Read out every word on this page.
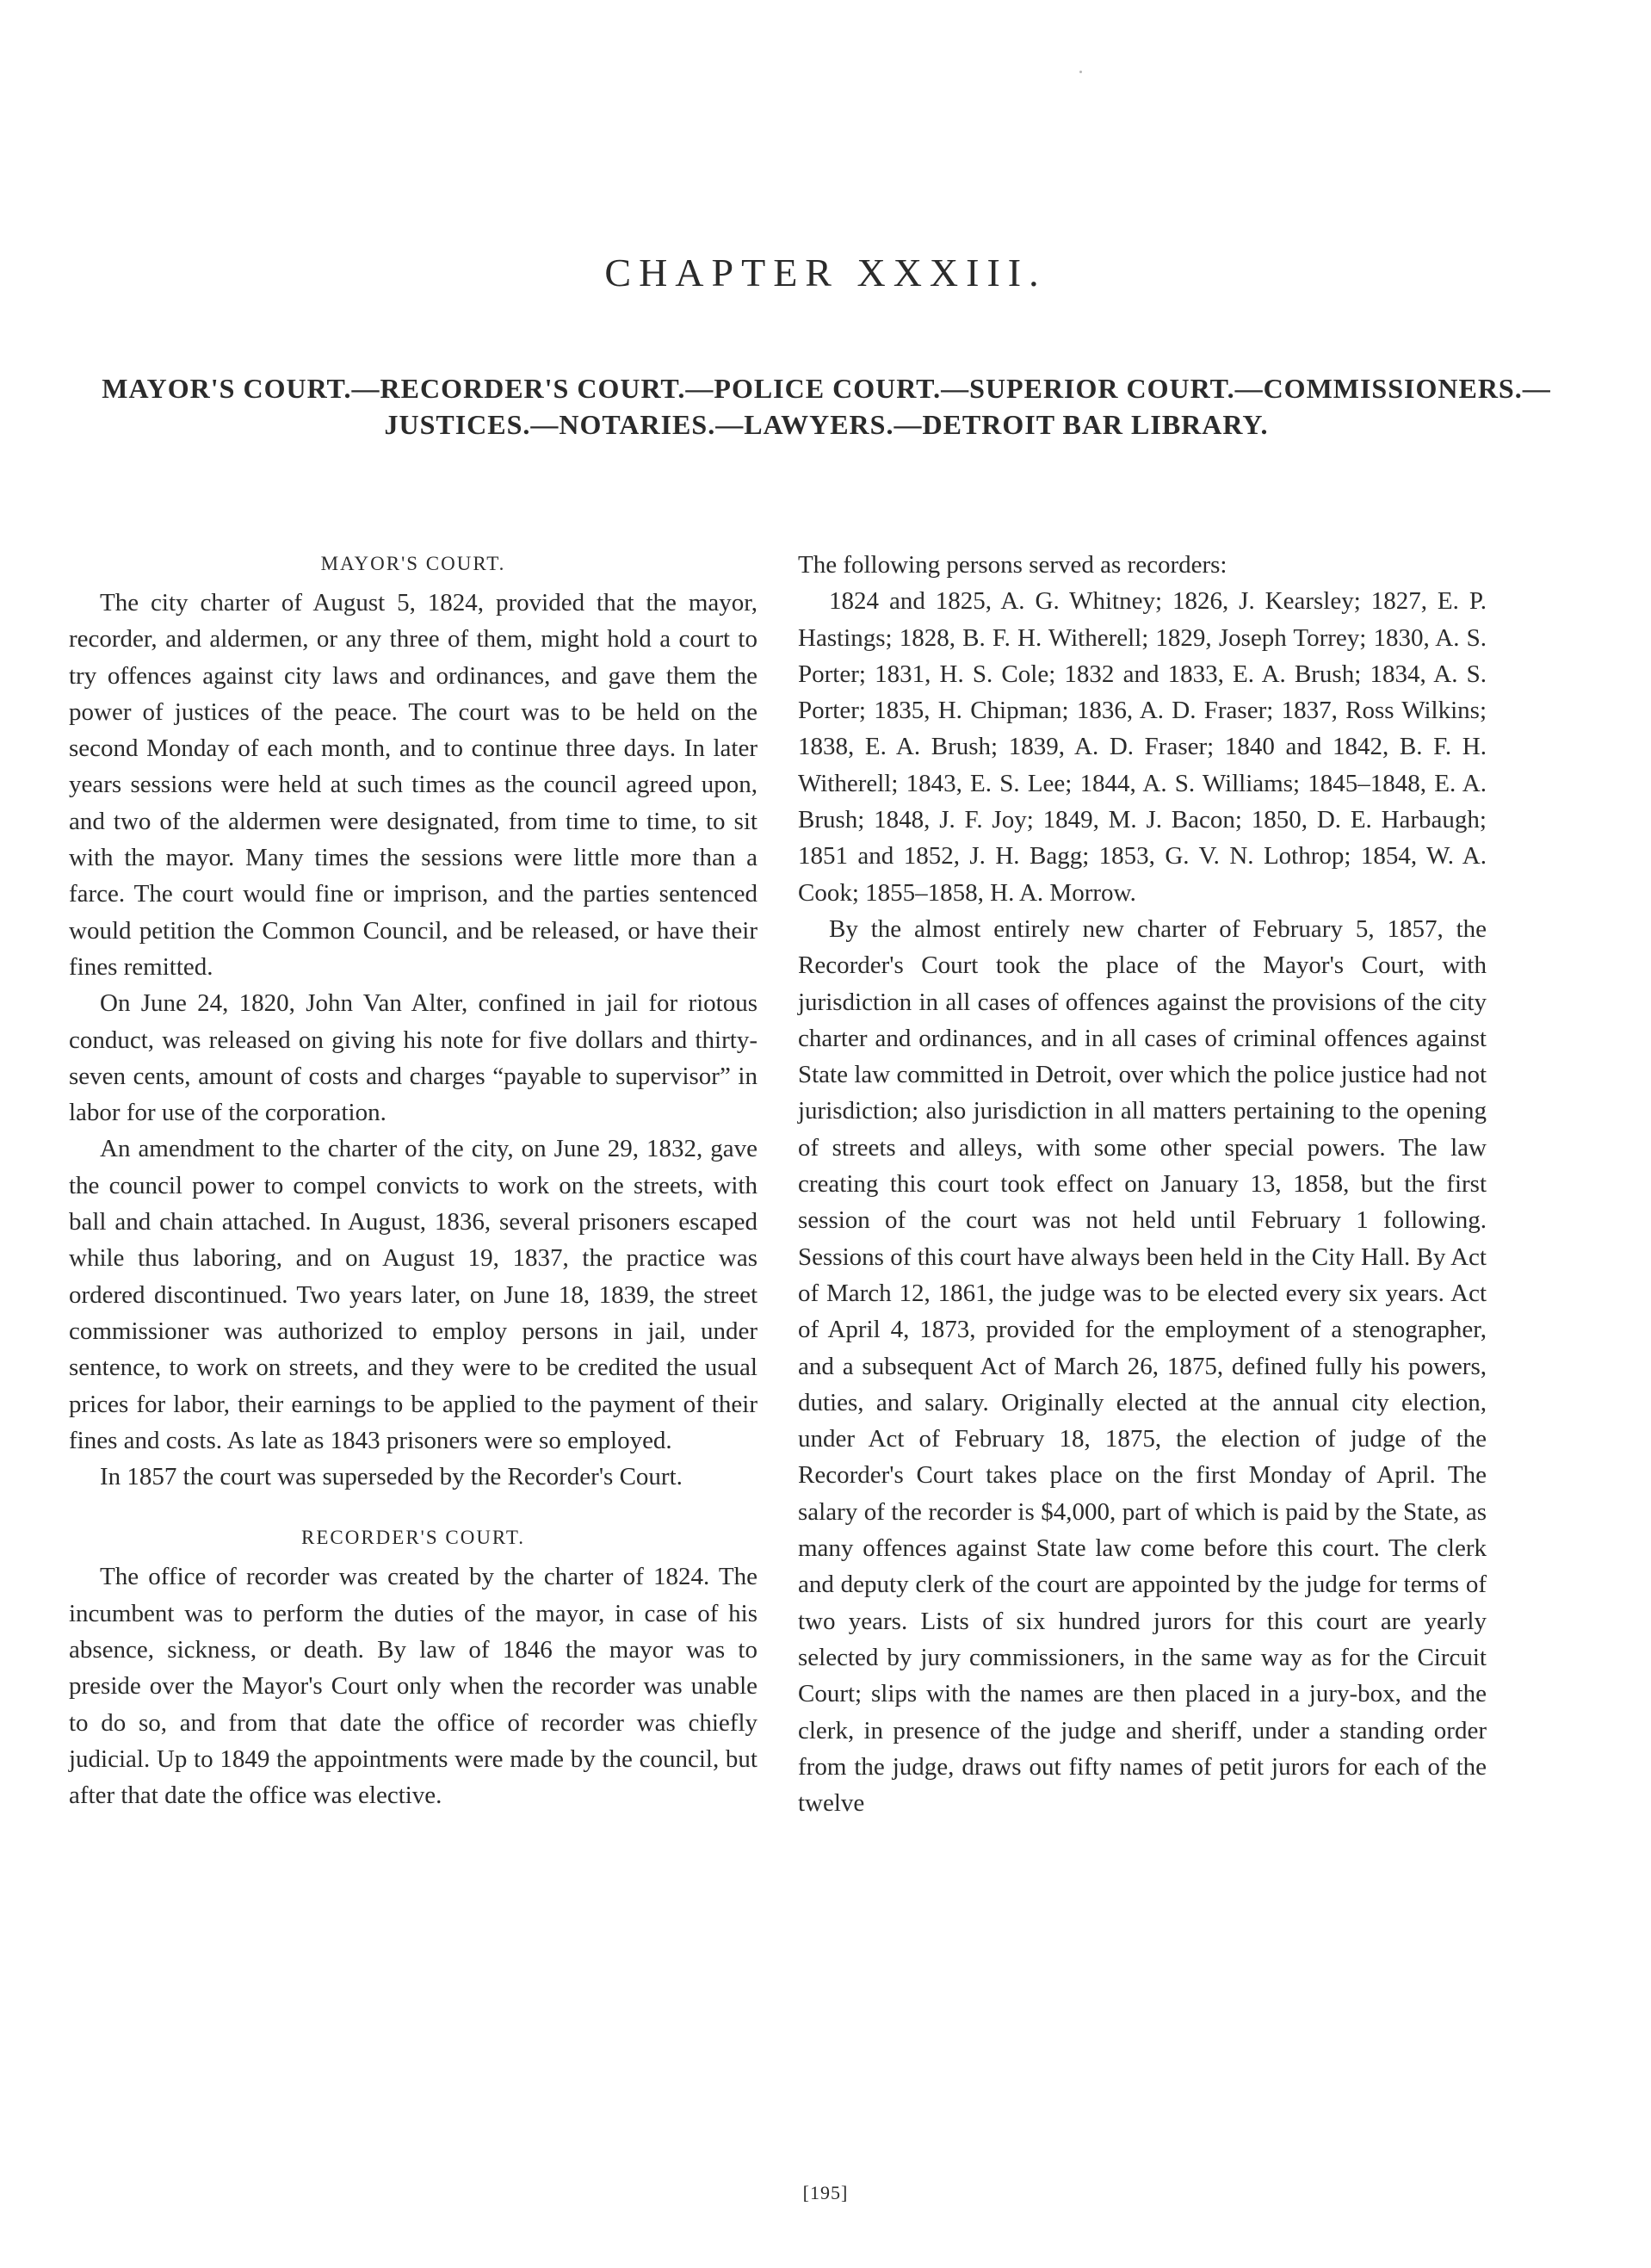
CHAPTER XXXIII.
MAYOR'S COURT.—RECORDER'S COURT.—POLICE COURT.—SUPERIOR COURT.—COMMISSIONERS.—JUSTICES.—NOTARIES.—LAWYERS.—DETROIT BAR LIBRARY.
MAYOR'S COURT.

The city charter of August 5, 1824, provided that the mayor, recorder, and aldermen, or any three of them, might hold a court to try offences against city laws and ordinances, and gave them the power of justices of the peace. The court was to be held on the second Monday of each month, and to continue three days. In later years sessions were held at such times as the council agreed upon, and two of the aldermen were designated, from time to time, to sit with the mayor. Many times the sessions were little more than a farce. The court would fine or imprison, and the parties sentenced would petition the Common Council, and be released, or have their fines remitted.

On June 24, 1820, John Van Alter, confined in jail for riotous conduct, was released on giving his note for five dollars and thirty-seven cents, amount of costs and charges “payable to supervisor” in labor for use of the corporation.

An amendment to the charter of the city, on June 29, 1832, gave the council power to compel convicts to work on the streets, with ball and chain attached. In August, 1836, several prisoners escaped while thus laboring, and on August 19, 1837, the practice was ordered discontinued. Two years later, on June 18, 1839, the street commissioner was authorized to employ persons in jail, under sentence, to work on streets, and they were to be credited the usual prices for labor, their earnings to be applied to the payment of their fines and costs. As late as 1843 prisoners were so employed.

In 1857 the court was superseded by the Recorder's Court.

RECORDER'S COURT.

The office of recorder was created by the charter of 1824. The incumbent was to perform the duties of the mayor, in case of his absence, sickness, or death. By law of 1846 the mayor was to preside over the Mayor's Court only when the recorder was unable to do so, and from that date the office of recorder was chiefly judicial. Up to 1849 the appointments were made by the council, but after that date the office was elective.

The following persons served as recorders:

1824 and 1825, A. G. Whitney; 1826, J. Kearsley; 1827, E. P. Hastings; 1828, B. F. H. Witherell; 1829, Joseph Torrey; 1830, A. S. Porter; 1831, H. S. Cole; 1832 and 1833, E. A. Brush; 1834, A. S. Porter; 1835, H. Chipman; 1836, A. D. Fraser; 1837, Ross Wilkins; 1838, E. A. Brush; 1839, A. D. Fraser; 1840 and 1842, B. F. H. Witherell; 1843, E. S. Lee; 1844, A. S. Williams; 1845–1848, E. A. Brush; 1848, J. F. Joy; 1849, M. J. Bacon; 1850, D. E. Harbaugh; 1851 and 1852, J. H. Bagg; 1853, G. V. N. Lothrop; 1854, W. A. Cook; 1855–1858, H. A. Morrow.

By the almost entirely new charter of February 5, 1857, the Recorder's Court took the place of the Mayor's Court, with jurisdiction in all cases of offences against the provisions of the city charter and ordinances, and in all cases of criminal offences against State law committed in Detroit, over which the police justice had not jurisdiction; also jurisdiction in all matters pertaining to the opening of streets and alleys, with some other special powers. The law creating this court took effect on January 13, 1858, but the first session of the court was not held until February 1 following. Sessions of this court have always been held in the City Hall. By Act of March 12, 1861, the judge was to be elected every six years. Act of April 4, 1873, provided for the employment of a stenographer, and a subsequent Act of March 26, 1875, defined fully his powers, duties, and salary. Originally elected at the annual city election, under Act of February 18, 1875, the election of judge of the Recorder's Court takes place on the first Monday of April. The salary of the recorder is $4,000, part of which is paid by the State, as many offences against State law come before this court. The clerk and deputy clerk of the court are appointed by the judge for terms of two years. Lists of six hundred jurors for this court are yearly selected by jury commissioners, in the same way as for the Circuit Court; slips with the names are then placed in a jury-box, and the clerk, in presence of the judge and sheriff, under a standing order from the judge, draws out fifty names of petit jurors for each of the twelve

[195]
